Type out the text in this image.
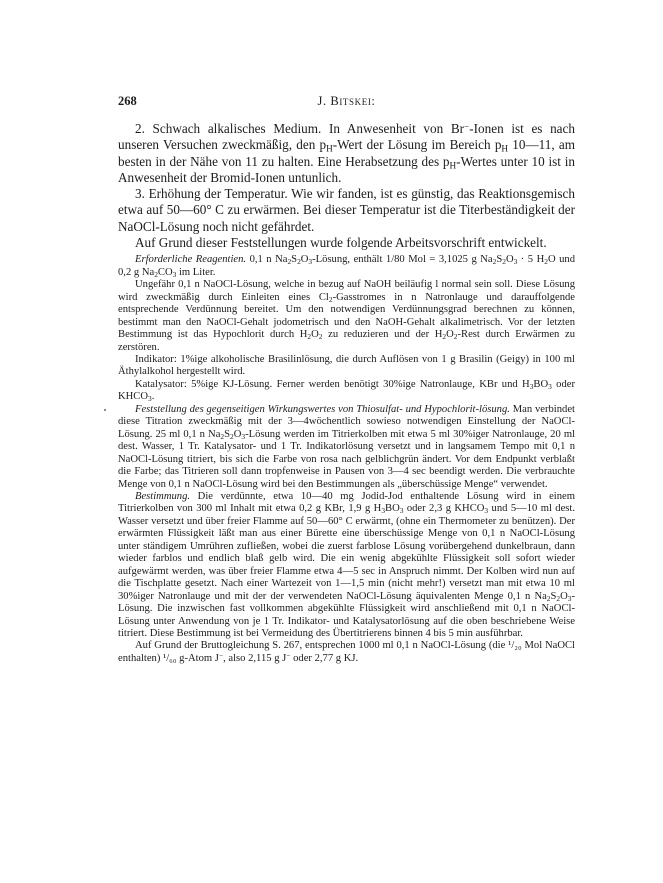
268	J. Bitskei:

2. Schwach alkalisches Medium. In Anwesenheit von Br−-Ionen ist es nach unseren Versuchen zweckmäßig, den $p_H$-Wert der Lösung im Bereich $p_H$ 10—11, am besten in der Nähe von 11 zu halten. Eine Herabsetzung des $p_H$-Wertes unter 10 ist in Anwesenheit der Bromid-Ionen untunlich.

3. Erhöhung der Temperatur. Wie wir fanden, ist es günstig, das Reaktionsgemisch etwa auf 50—60° C zu erwärmen. Bei dieser Temperatur ist die Titerbeständigkeit der NaOCl-Lösung noch nicht gefährdet.

Auf Grund dieser Feststellungen wurde folgende Arbeitsvorschrift entwickelt.

Erforderliche Reagentien. 0,1 n $Na_2S_2O_3$-Lösung, enthält 1/80 Mol = 3,1025 g $Na_2S_2O_3 \cdot 5$ $H_2O$ und 0,2 g $Na_2CO_3$ im Liter.

Ungefähr 0,1 n NaOCl-Lösung, welche in bezug auf NaOH beiläufig l normal sein soll. Diese Lösung wird zweckmäßig durch Einleiten eines $Cl_2$-Gasstromes in n Natronlauge und darauffolgende entsprechende Verdünnung bereitet. Um den notwendigen Verdünnungsgrad berechnen zu können, bestimmt man den NaOCl-Gehalt jodometrisch und den NaOH-Gehalt alkalimetrisch. Vor der letzten Bestimmung ist das Hypochlorit durch $H_2O_2$ zu reduzieren und der $H_2O_2$-Rest durch Erwärmen zu zerstören.

Indikator: 1%ige alkoholische Brasilinlösung, die durch Auflösen von 1 g Brasilin (Geigy) in 100 ml Äthylalkohol hergestellt wird.

Katalysator: 5%ige KJ-Lösung. Ferner werden benötigt 30%ige Natronlauge, KBr und $H_3BO_3$ oder $KHCO_3$.

Feststellung des gegenseitigen Wirkungswertes von Thiosulfat- und Hypochlorit-lösung. Man verbindet diese Titration zweckmäßig mit der 3—4wöchentlich sowieso notwendigen Einstellung der NaOCl-Lösung. 25 ml 0,1 n $Na_2S_2O_3$-Lösung werden im Titrierkolben mit etwa 5 ml 30%iger Natronlauge, 20 ml dest. Wasser, 1 Tr. Katalysator- und 1 Tr. Indikatorlösung versetzt und in langsamem Tempo mit 0,1 n NaOCl-Lösung titriert, bis sich die Farbe von rosa nach gelblichgrün ändert. Vor dem Endpunkt verblaßt die Farbe; das Titrieren soll dann tropfenweise in Pausen von 3—4 sec beendigt werden. Die verbrauchte Menge von 0,1 n NaOCl-Lösung wird bei den Bestimmungen als „überschüssige Menge“ verwendet.

Bestimmung. Die verdünnte, etwa 10—40 mg Jodid-Jod enthaltende Lösung wird in einem Titrierkolben von 300 ml Inhalt mit etwa 0,2 g KBr, 1,9 g $H_3BO_3$ oder 2,3 g $KHCO_3$ und 5—10 ml dest. Wasser versetzt und über freier Flamme auf 50—60° C erwärmt, (ohne ein Thermometer zu benützen). Der erwärmten Flüssigkeit läßt man aus einer Bürette eine überschüssige Menge von 0,1 n NaOCl-Lösung unter ständigem Umrühren zufließen, wobei die zuerst farblose Lösung vorübergehend dunkelbraun, dann wieder farblos und endlich blaß gelb wird. Die ein wenig abgekühlte Flüssigkeit soll sofort wieder aufgewärmt werden, was über freier Flamme etwa 4—5 sec in Anspruch nimmt. Der Kolben wird nun auf die Tischplatte gesetzt. Nach einer Wartezeit von 1—1,5 min (nicht mehr!) versetzt man mit etwa 10 ml 30%iger Natronlauge und mit der der verwendeten NaOCl-Lösung äquivalenten Menge 0,1 n $Na_2S_2O_3$-Lösung. Die inzwischen fast vollkommen abgekühlte Flüssigkeit wird anschließend mit 0,1 n NaOCl-Lösung unter Anwendung von je 1 Tr. Indikator- und Katalysatorlösung auf die oben beschriebene Weise titriert. Diese Bestimmung ist bei Vermeidung des Übertitrierens binnen 4 bis 5 min ausführbar.

Auf Grund der Bruttogleichung S. 267, entsprechen 1000 ml 0,1 n NaOCl-Lösung (die ¹/₂₀ Mol NaOCl enthalten) ¹/₆₀ g-Atom J−, also 2,115 g J− oder 2,77 g KJ.
